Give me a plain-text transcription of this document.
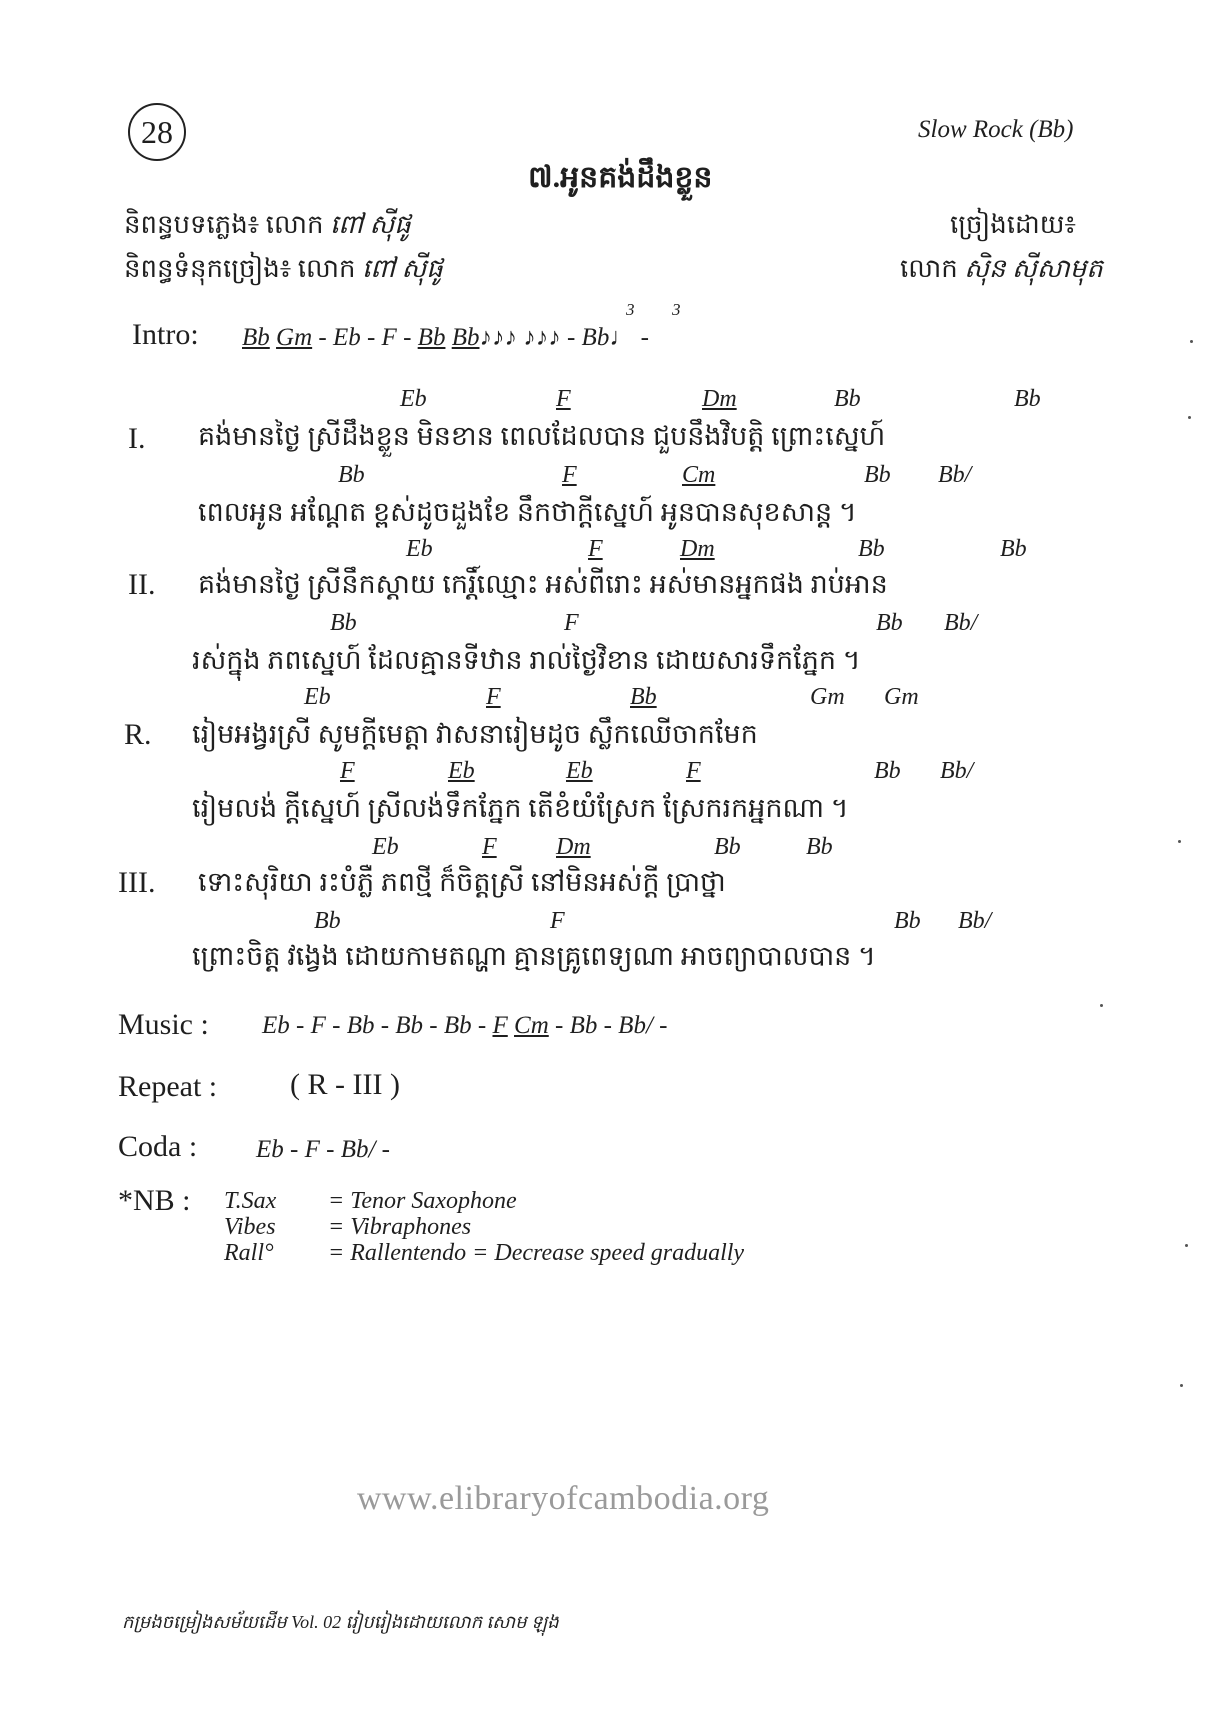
28	Slow Rock (Bb)
៧.អូនគង់ដឹងខ្លួន
និពន្ធបទភ្លេង៖ លោក ពៅ ស៊ីផូ
និពន្ធទំនុកច្រៀង៖ លោក ពៅ ស៊ីផូ
ច្រៀងដោយ៖
លោក ស៊ិន ស៊ីសាមុត
Intro: Bb Gm - Eb - F - Bb Bb♪♪♪ ♪♪♪ - Bb♩ -
3 3
I.
Eb	F	Dm	Bb	Bb
គង់មានថ្ងៃ ស្រីដឹងខ្លួន មិនខាន ពេលដែលបាន ជួបនឹងវិបត្តិ ព្រោះស្នេហ៍
Bb	F	Cm	Bb Bb/
ពេលអូន អណ្តែត ខ្ពស់ដូចដួងខែ នឹកថាក្តីស្នេហ៍ អូនបានសុខសាន្ត ។
II.
Eb	F	Dm	Bb	Bb
គង់មានថ្ងៃ ស្រីនឹកស្តាយ កេរ្តិ៍ឈ្មោះ អស់ពីរោះ អស់មានអ្នកផង រាប់អាន
Bb	F	Bb Bb/
រស់ក្នុង ភពស្នេហ៍ ដែលគ្មានទីឋាន រាល់ថ្ងៃវិខាន ដោយសារទឹកភ្នែក ។
R.
Eb	F	Bb	Gm Gm
រៀមអង្វរស្រី សូមក្តីមេត្តា វាសនារៀមដូច ស្លឹកឈើចាកមែក
F	Eb	Eb	F	Bb Bb/
រៀមលង់ ក្តីស្នេហ៍ ស្រីលង់ទឹកភ្នែក តើខំយំស្រែក ស្រែករកអ្នកណា ។
III.
Eb	F Dm	Bb	Bb
ទោះសុរិយា រះបំភ្លឺ ភពថ្មី ក៏ចិត្តស្រី នៅមិនអស់ក្តី ប្រាថ្នា
Bb	F	Bb Bb/
ព្រោះចិត្ត វង្វេង ដោយកាមតណ្ហា គ្មានគ្រូពេទ្យណា អាចព្យាបាលបាន ។
Music : Eb - F - Bb - Bb - Bb - F Cm - Bb - Bb/ -
Repeat : ( R - III )
Coda : Eb - F - Bb/ -
*NB : T.Sax = Tenor Saxophone
Vibes = Vibraphones
Rall° = Rallentendo = Decrease speed gradually
www.elibraryofcambodia.org
កម្រងចម្រៀងសម័យដើម Vol. 02 រៀបរៀងដោយលោក សោម ឡុង
